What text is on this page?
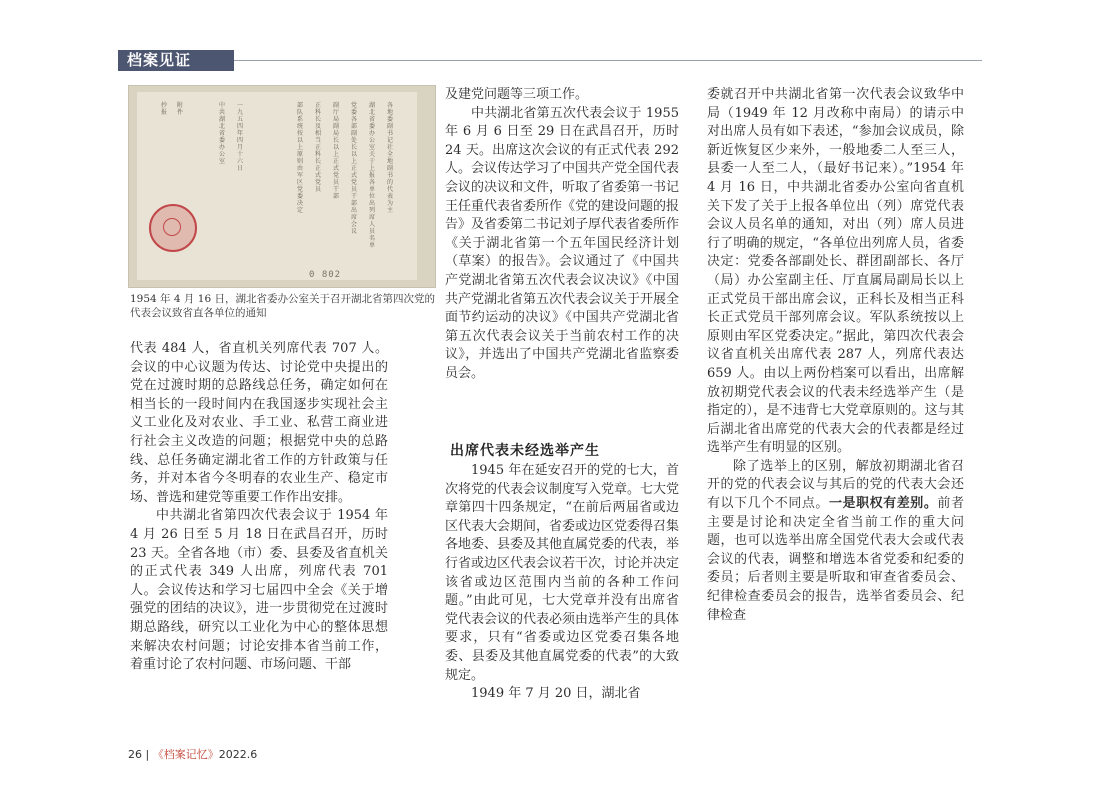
档案见证
各地委副书记社全地副书的代表为主
湖北省委办公室关于上报各单位出列席人员名单
党委各部副处长以上正式党员干部出席会议
副厅局副局长以上正式党员干部
正科长及相当正科长正式党员
部队系统按以上原则由军区党委决定
一九五四年四月十六日
中共湖北省委办公室
附件
抄报
0 802
1954 年 4 月 16 日，湖北省委办公室关于召开湖北省第四次党的代表会议致省直各单位的通知

代表 484 人，省直机关列席代表 707 人。会议的中心议题为传达、讨论党中央提出的党在过渡时期的总路线总任务，确定如何在相当长的一段时间内在我国逐步实现社会主义工业化及对农业、手工业、私营工商业进行社会主义改造的问题；根据党中央的总路线、总任务确定湖北省工作的方针政策与任务，并对本省今冬明春的农业生产、稳定市场、普选和建党等重要工作作出安排。

中共湖北省第四次代表会议于 1954 年 4 月 26 日至 5 月 18 日在武昌召开，历时 23 天。全省各地（市）委、县委及省直机关的正式代表 349 人出席，列席代表 701 人。会议传达和学习七届四中全会《关于增强党的团结的决议》，进一步贯彻党在过渡时期总路线，研究以工业化为中心的整体思想来解决农村问题；讨论安排本省当前工作，着重讨论了农村问题、市场问题、干部

及建党问题等三项工作。

中共湖北省第五次代表会议于 1955 年 6 月 6 日至 29 日在武昌召开，历时 24 天。出席这次会议的有正式代表 292 人。会议传达学习了中国共产党全国代表会议的决议和文件，听取了省委第一书记王任重代表省委所作《党的建设问题的报告》及省委第二书记刘子厚代表省委所作《关于湖北省第一个五年国民经济计划（草案）的报告》。会议通过了《中国共产党湖北省第五次代表会议决议》《中国共产党湖北省第五次代表会议关于开展全面节约运动的决议》《中国共产党湖北省第五次代表会议关于当前农村工作的决议》，并选出了中国共产党湖北省监察委员会。

出席代表未经选举产生

1945 年在延安召开的党的七大，首次将党的代表会议制度写入党章。七大党章第四十四条规定，“在前后两届省或边区代表大会期间，省委或边区党委得召集各地委、县委及其他直属党委的代表，举行省或边区代表会议若干次，讨论并决定该省或边区范围内当前的各种工作问题。”由此可见，七大党章并没有出席省党代表会议的代表必须由选举产生的具体要求，只有“省委或边区党委召集各地委、县委及其他直属党委的代表”的大致规定。

1949 年 7 月 20 日，湖北省

委就召开中共湖北省第一次代表会议致华中局（1949 年 12 月改称中南局）的请示中对出席人员有如下表述，“参加会议成员，除新近恢复区少来外，一般地委二人至三人，县委一人至二人，（最好书记来）。”1954 年 4 月 16 日，中共湖北省委办公室向省直机关下发了关于上报各单位出（列）席党代表会议人员名单的通知，对出（列）席人员进行了明确的规定，“各单位出列席人员，省委决定：党委各部副处长、群团副部长、各厅（局）办公室副主任、厅直属局副局长以上正式党员干部出席会议，正科长及相当正科长正式党员干部列席会议。军队系统按以上原则由军区党委决定。”据此，第四次代表会议省直机关出席代表 287 人，列席代表达 659 人。由以上两份档案可以看出，出席解放初期党代表会议的代表未经选举产生（是指定的），是不违背七大党章原则的。这与其后湖北省出席党的代表大会的代表都是经过选举产生有明显的区别。

除了选举上的区别，解放初期湖北省召开的党的代表会议与其后的党的代表大会还有以下几个不同点。一是职权有差别。前者主要是讨论和决定全省当前工作的重大问题，也可以选举出席全国党代表大会或代表会议的代表，调整和增选本省党委和纪委的委员；后者则主要是听取和审查省委员会、纪律检查委员会的报告，选举省委员会、纪律检查

26 | 《档案记忆》2022.6
